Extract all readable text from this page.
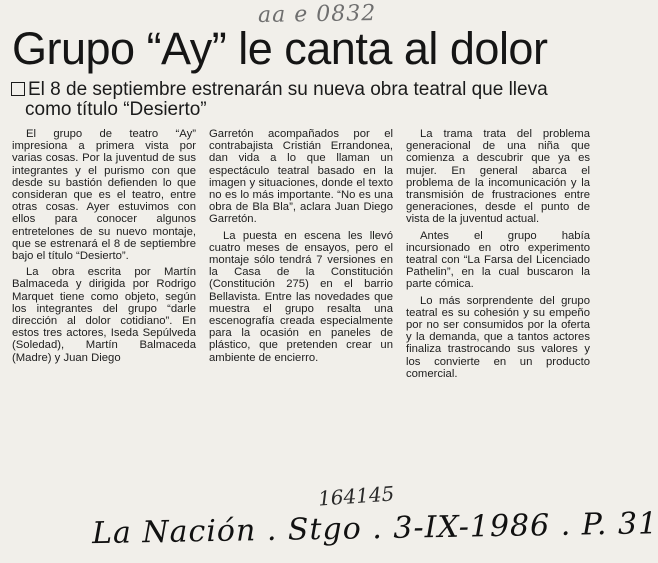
aa e 0832
Grupo “Ay” le canta al dolor
El 8 de septiembre estrenarán su nueva obra teatral que lleva
como título “Desierto”

El grupo de teatro “Ay” impresiona a primera vista por varias cosas. Por la juventud de sus integrantes y el purismo con que desde su bastión defienden lo que consideran que es el teatro, entre otras cosas. Ayer estuvimos con ellos para conocer algunos entretelones de su nuevo montaje, que se estrenará el 8 de septiembre bajo el título “Desierto”.

La obra escrita por Martín Balmaceda y dirigida por Rodrigo Marquet tiene como objeto, según los integrantes del grupo “darle dirección al dolor cotidiano”. En estos tres actores, Iseda Sepúlveda (Soledad), Martín Balmaceda (Madre) y Juan Diego

Garretón acompañados por el contrabajista Cristián Errandonea, dan vida a lo que llaman un espectáculo teatral basado en la imagen y situaciones, donde el texto no es lo más importante. “No es una obra de Bla Bla”, aclara Juan Diego Garretón.

La puesta en escena les llevó cuatro meses de ensayos, pero el montaje sólo tendrá 7 versiones en la Casa de la Constitución (Constitución 275) en el barrio Bellavista. Entre las novedades que muestra el grupo resalta una escenografía creada especialmente para la ocasión en paneles de plástico, que pretenden crear un ambiente de encierro.

La trama trata del problema generacional de una niña que comienza a descubrir que ya es mujer. En general abarca el problema de la incomunicación y la transmisión de frustraciones entre generaciones, desde el punto de vista de la juventud actual.

Antes el grupo había incursionado en otro experimento teatral con “La Farsa del Licenciado Pathelin”, en la cual buscaron la parte cómica.

Lo más sorprendente del grupo teatral es su cohesión y su empeño por no ser consumidos por la oferta y la demanda, que a tantos actores finaliza trastrocando sus valores y los convierte en un producto comercial.

164145
La Nación . Stgo . 3-IX-1986 . P. 31
